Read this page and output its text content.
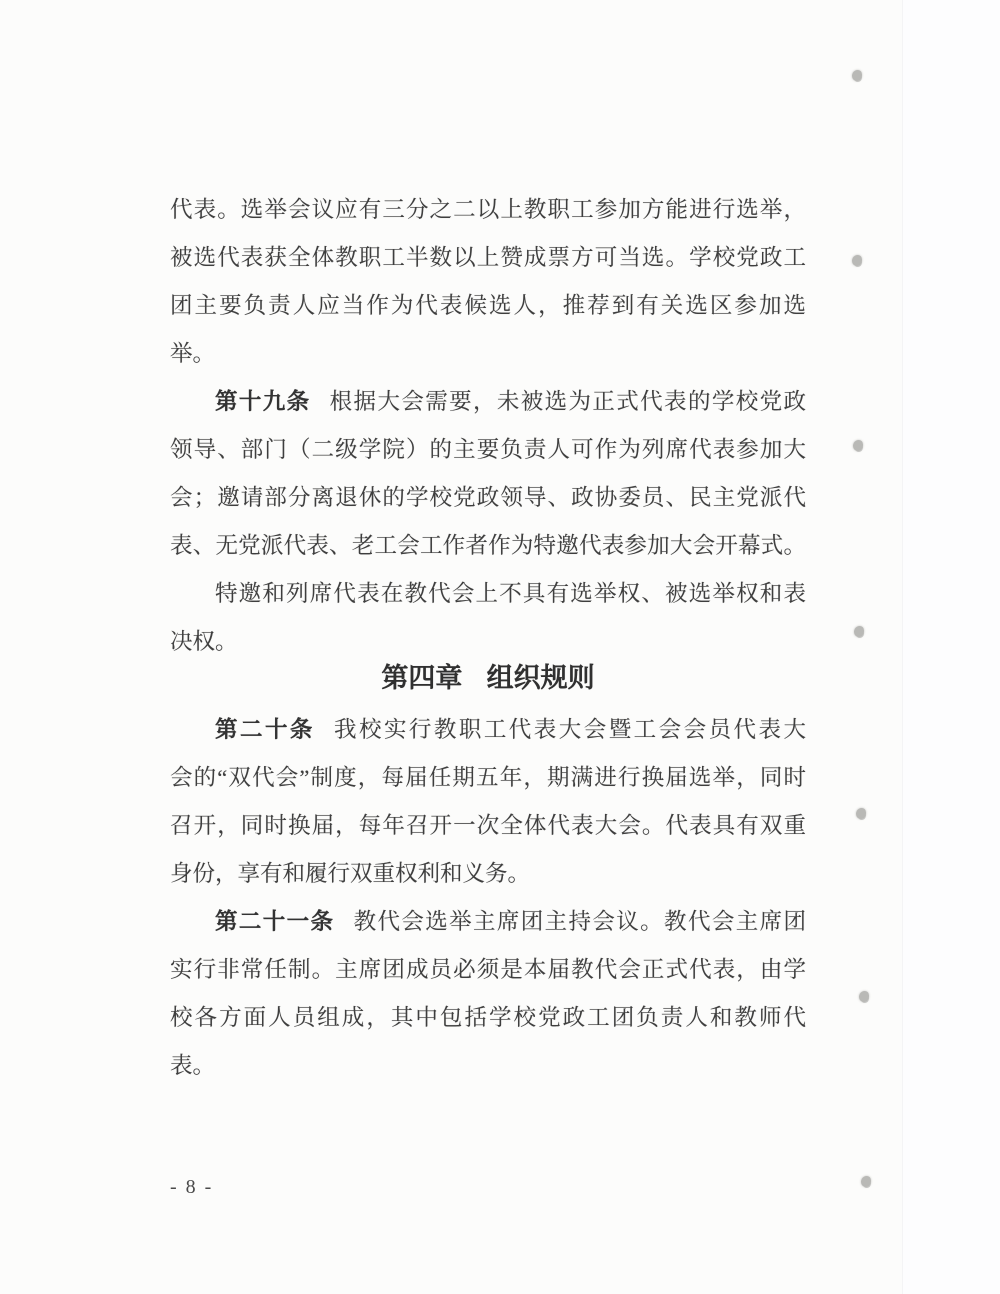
代表。选举会议应有三分之二以上教职工参加方能进行选举，
被选代表获全体教职工半数以上赞成票方可当选。学校党政工
团主要负责人应当作为代表候选人，推荐到有关选区参加选
举。
第十九条 根据大会需要，未被选为正式代表的学校党政
领导、部门（二级学院）的主要负责人可作为列席代表参加大
会；邀请部分离退休的学校党政领导、政协委员、民主党派代
表、无党派代表、老工会工作者作为特邀代表参加大会开幕式。
特邀和列席代表在教代会上不具有选举权、被选举权和表
决权。
第四章 组织规则
第二十条 我校实行教职工代表大会暨工会会员代表大
会的“双代会”制度，每届任期五年，期满进行换届选举，同时
召开，同时换届，每年召开一次全体代表大会。代表具有双重
身份，享有和履行双重权利和义务。
第二十一条 教代会选举主席团主持会议。教代会主席团
实行非常任制。主席团成员必须是本届教代会正式代表，由学
校各方面人员组成，其中包括学校党政工团负责人和教师代
表。
- 8 -
